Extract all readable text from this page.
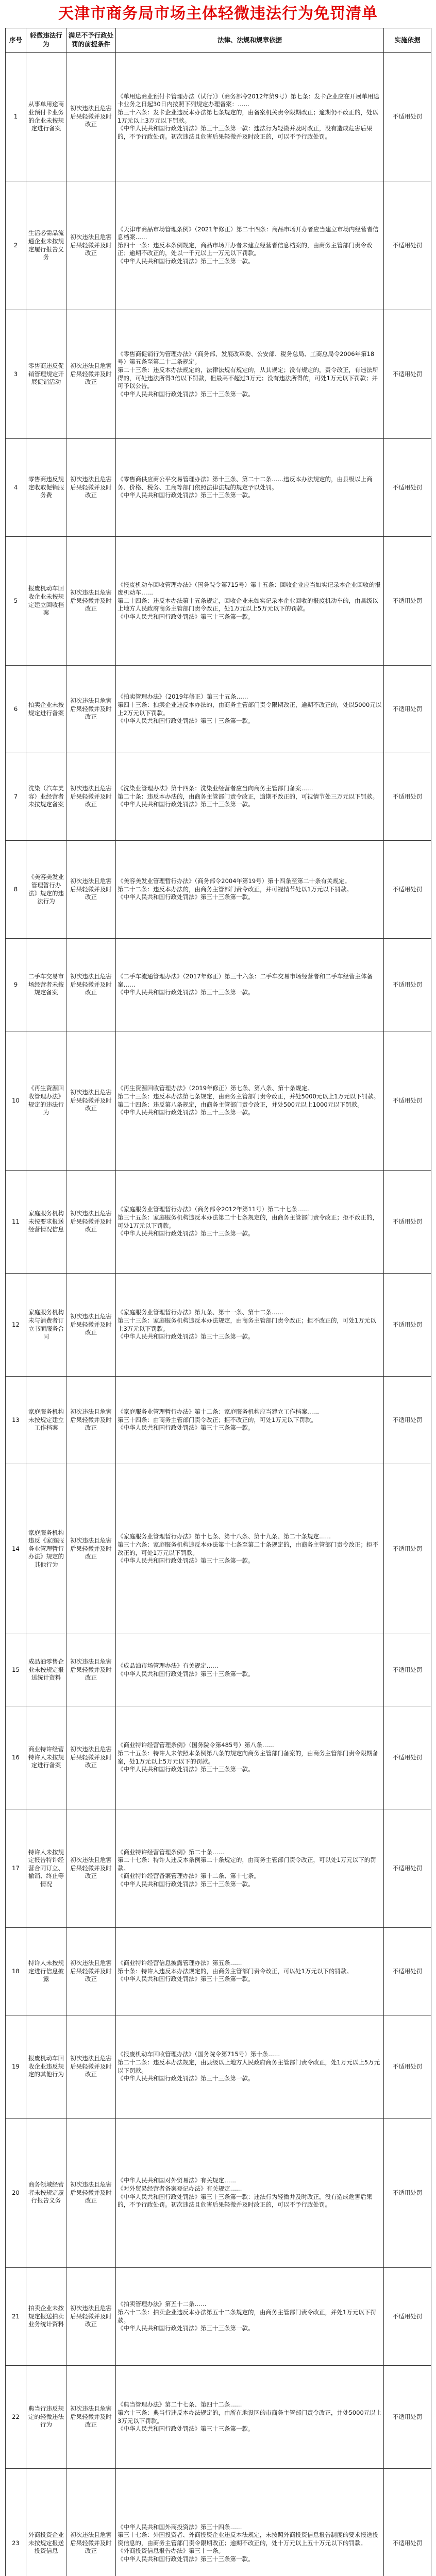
天津市商务局市场主体轻微违法行为免罚清单
序号	轻微违法行为	满足不予行政处罚的前提条件	法律、法规和规章依据	实施依据
1	从事单用途商业预付卡业务的企业未按规定进行备案	初次违法且危害后果轻微并及时改正	《单用途商业预付卡管理办法（试行）》（商务部令2012年第9号）第七条：发卡企业应在开展单用途卡业务之日起30日内按照下列规定办理备案：……
第三十六条：发卡企业违反本办法第七条规定的，由备案机关责令限期改正；逾期仍不改正的，处以1万元以上3万元以下罚款。
《中华人民共和国行政处罚法》第三十三条第一款：违法行为轻微并及时改正，没有造成危害后果的，不予行政处罚。初次违法且危害后果轻微并及时改正的，可以不予行政处罚。	不适用处罚
2	生活必需品流通企业未按规定履行报告义务	初次违法且危害后果轻微并及时改正	《天津市商品市场管理条例》（2021年修正）第二十四条：商品市场开办者应当建立市场内经营者信息档案……
第四十一条：违反本条例规定，商品市场开办者未建立经营者信息档案的，由商务主管部门责令改正；逾期不改正的，处以一千元以上一万元以下罚款。
《中华人民共和国行政处罚法》第三十三条第一款。	不适用处罚
3	零售商违反促销管理规定开展促销活动	初次违法且危害后果轻微并及时改正	《零售商促销行为管理办法》（商务部、发展改革委、公安部、税务总局、工商总局令2006年第18号）第五条至第二十二条规定。
第二十三条：违反本办法规定的，法律法规有规定的，从其规定；没有规定的，责令改正，有违法所得的，可处违法所得3倍以下罚款，但最高不超过3万元；没有违法所得的，可处1万元以下罚款；并可予以公告。
《中华人民共和国行政处罚法》第三十三条第一款。	不适用处罚
4	零售商违反规定收取促销服务费	初次违法且危害后果轻微并及时改正	《零售商供应商公平交易管理办法》第十三条、第二十二条……违反本办法规定的，由县级以上商务、价格、税务、工商等部门依照法律法规的规定予以处罚。
《中华人民共和国行政处罚法》第三十三条第一款。	不适用处罚
5	报废机动车回收企业未按规定建立回收档案	初次违法且危害后果轻微并及时改正	《报废机动车回收管理办法》（国务院令第715号）第十五条：回收企业应当如实记录本企业回收的报废机动车……
第二十四条：违反本办法第十五条规定，回收企业未如实记录本企业回收的报废机动车的，由县级以上地方人民政府商务主管部门责令改正，处1万元以上5万元以下的罚款。
《中华人民共和国行政处罚法》第三十三条第一款。	不适用处罚
6	拍卖企业未按规定进行备案	初次违法且危害后果轻微并及时改正	《拍卖管理办法》（2019年修正）第三十五条……
第四十三条：拍卖企业违反本办法的，由商务主管部门责令限期改正，逾期不改正的，处以5000元以上2万元以下罚款。
《中华人民共和国行政处罚法》第三十三条第一款。	不适用处罚
7	洗染（汽车美容）业经营者未按规定备案	初次违法且危害后果轻微并及时改正	《洗染业管理办法》第十四条：洗染业经营者应当向商务主管部门备案……
第二十条：违反本办法的，由商务主管部门责令改正，逾期不改正的，可视情节处三万元以下罚款。
《中华人民共和国行政处罚法》第三十三条第一款。	不适用处罚
8	《美容美发业管理暂行办法》规定的违法行为	初次违法且危害后果轻微并及时改正	《美容美发业管理暂行办法》（商务部令2004年第19号）第十四条至第二十条有关规定。
第二十二条：违反本办法的，由商务主管部门责令改正，并可视情节处以1万元以下罚款。
《中华人民共和国行政处罚法》第三十三条第一款。	不适用处罚
9	二手车交易市场经营者未按规定备案	初次违法且危害后果轻微并及时改正	《二手车流通管理办法》（2017年修正）第三十六条：二手车交易市场经营者和二手车经营主体备案……
《中华人民共和国行政处罚法》第三十三条第一款。	不适用处罚
10	《再生资源回收管理办法》规定的违法行为	初次违法且危害后果轻微并及时改正	《再生资源回收管理办法》（2019年修正）第七条、第八条、第十条规定。
第二十三条：违反本办法第七条规定，由商务主管部门责令改正，并处5000元以上1万元以下罚款。第二十四条：违反第八条规定，由商务主管部门责令改正，并处500元以上1000元以下罚款。
《中华人民共和国行政处罚法》第三十三条第一款。	不适用处罚
11	家庭服务机构未按要求报送经营情况信息	初次违法且危害后果轻微并及时改正	《家庭服务业管理暂行办法》（商务部令2012年第11号）第二十七条……
第三十五条：家庭服务机构违反本办法第二十七条规定的，由商务主管部门责令改正；拒不改正的，可处1万元以下罚款。
《中华人民共和国行政处罚法》第三十三条第一款。	不适用处罚
12	家庭服务机构未与消费者订立书面服务合同	初次违法且危害后果轻微并及时改正	《家庭服务业管理暂行办法》第九条、第十一条、第十二条……
第三十三条：家庭服务机构违反本办法规定，由商务主管部门责令改正；拒不改正的，可处1万元以上3万元以下罚款。
《中华人民共和国行政处罚法》第三十三条第一款。	不适用处罚
13	家庭服务机构未按规定建立工作档案	初次违法且危害后果轻微并及时改正	《家庭服务业管理暂行办法》第十二条：家庭服务机构应当建立工作档案……
第三十四条：由商务主管部门责令改正；拒不改正的，可处1万元以下罚款。
《中华人民共和国行政处罚法》第三十三条第一款。	不适用处罚
14	家庭服务机构违反《家庭服务业管理暂行办法》规定的其他行为	初次违法且危害后果轻微并及时改正	《家庭服务业管理暂行办法》第十七条、第十八条、第十九条、第二十条规定……
第三十六条：家庭服务机构违反本办法第十七条至第二十条规定的，由商务主管部门责令改正；拒不改正的，可处1万元以下罚款。
《中华人民共和国行政处罚法》第三十三条第一款。	不适用处罚
15	成品油零售企业未按规定报送统计资料	初次违法且危害后果轻微并及时改正	《成品油市场管理办法》有关规定……
《中华人民共和国行政处罚法》第三十三条第一款。	不适用处罚
16	商业特许经营特许人未按规定进行备案	初次违法且危害后果轻微并及时改正	《商业特许经营管理条例》（国务院令第485号）第八条……
第二十五条：特许人未依照本条例第八条的规定向商务主管部门备案的，由商务主管部门责令限期备案，处1万元以上5万元以下的罚款。
《中华人民共和国行政处罚法》第三十三条第一款。	不适用处罚
17	特许人未按规定报告特许经营合同订立、撤销、终止等情况	初次违法且危害后果轻微并及时改正	《商业特许经营管理条例》第二十条……
第二十七条：特许人违反本条例第二十条规定的，由商务主管部门责令改正，可以处1万元以下的罚款。
《商业特许经营备案管理办法》第十二条、第十七条。
《中华人民共和国行政处罚法》第三十三条第一款。	不适用处罚
18	特许人未按规定进行信息披露	初次违法且危害后果轻微并及时改正	《商业特许经营信息披露管理办法》第五条……
第十条：特许人违反本办法规定的，由商务主管部门责令改正，可以处1万元以下的罚款。
《中华人民共和国行政处罚法》第三十三条第一款。	不适用处罚
19	报废机动车回收企业违反规定的其他行为	初次违法且危害后果轻微并及时改正	《报废机动车回收管理办法》（国务院令第715号）第十条……
第二十二条：违反本办法规定，由县级以上地方人民政府商务主管部门责令改正，处1万元以上5万元以下罚款。
《中华人民共和国行政处罚法》第三十三条第一款。	不适用处罚
20	商务领域经营者未按规定履行报告义务	初次违法且危害后果轻微并及时改正	《中华人民共和国对外贸易法》有关规定……
《对外贸易经营者备案登记办法》有关规定……
《中华人民共和国行政处罚法》第三十三条第一款：违法行为轻微并及时改正，没有造成危害后果的，不予行政处罚。初次违法且危害后果轻微并及时改正的，可以不予行政处罚。	不适用处罚
21	拍卖企业未按规定报送拍卖业务统计资料	初次违法且危害后果轻微并及时改正	《拍卖管理办法》第五十二条……
第六十二条：拍卖企业违反本办法第五十二条规定的，由商务主管部门责令改正，并处1万元以下罚款。
《中华人民共和国行政处罚法》第三十三条第一款。	不适用处罚
22	典当行违反规定的轻微违法行为	初次违法且危害后果轻微并及时改正	《典当管理办法》第二十七条、第四十二条……
第六十三条：典当行违反本办法规定的，由所在地设区的市商务主管部门责令改正，并处5000元以上3万元以下罚款。
《中华人民共和国行政处罚法》第三十三条第一款。	不适用处罚
23	外商投资企业未按规定报送投资信息	初次违法且危害后果轻微并及时改正	《中华人民共和国外商投资法》第三十四条……
第三十七条：外国投资者、外商投资企业违反本法规定，未按照外商投资信息报告制度的要求报送投资信息的，由商务主管部门责令限期改正；逾期不改正的，处十万元以上五十万元以下的罚款。
《外商投资信息报告办法》第三十一条。
《中华人民共和国行政处罚法》第三十三条第一款。	不适用处罚
